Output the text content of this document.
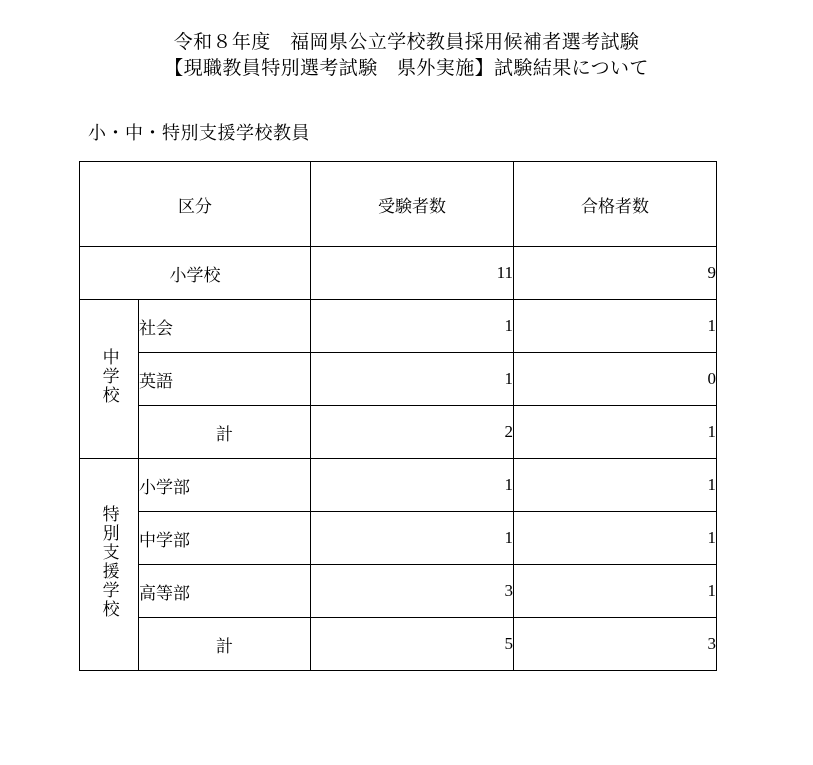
令和８年度　福岡県公立学校教員採用候補者選考試験
【現職教員特別選考試験　県外実施】試験結果について
小・中・特別支援学校教員
区分		受験者数	合格者数
小学校		11	9
中学校	社会	1	1
	英語	1	0
	計	2	1
特別支援学校	小学部	1	1
	中学部	1	1
	高等部	3	1
	計	5	3
